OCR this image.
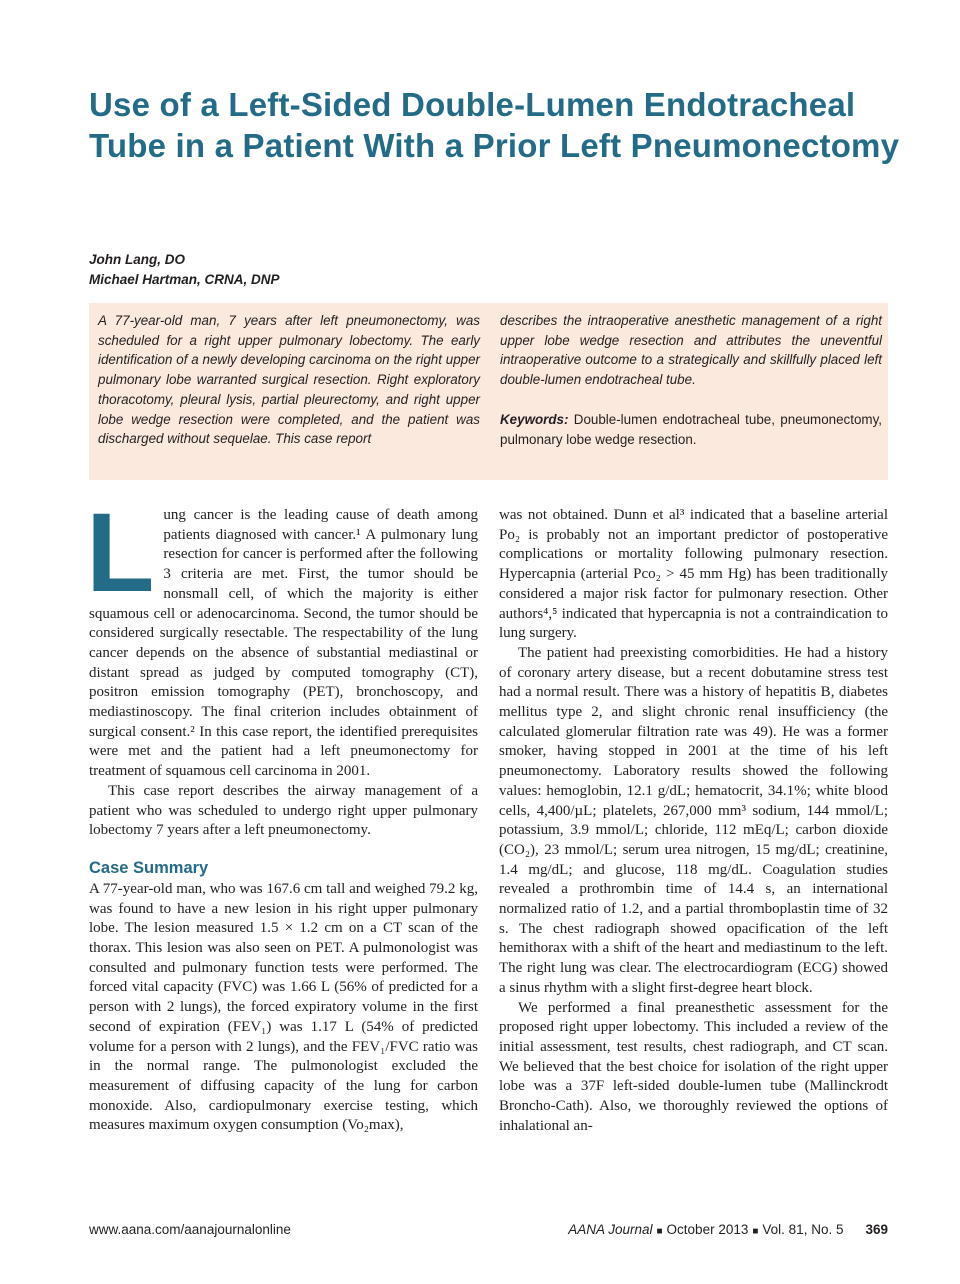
Use of a Left-Sided Double-Lumen Endotracheal Tube in a Patient With a Prior Left Pneumonectomy
John Lang, DO
Michael Hartman, CRNA, DNP
A 77-year-old man, 7 years after left pneumonectomy, was scheduled for a right upper pulmonary lobectomy. The early identification of a newly developing carcinoma on the right upper pulmonary lobe warranted surgical resection. Right exploratory thoracotomy, pleural lysis, partial pleurectomy, and right upper lobe wedge resection were completed, and the patient was discharged without sequelae. This case report
describes the intraoperative anesthetic management of a right upper lobe wedge resection and attributes the uneventful intraoperative outcome to a strategically and skillfully placed left double-lumen endotracheal tube.
Keywords: Double-lumen endotracheal tube, pneumonectomy, pulmonary lobe wedge resection.

Lung cancer is the leading cause of death among patients diagnosed with cancer.¹ A pulmonary lung resection for cancer is performed after the following 3 criteria are met. First, the tumor should be nonsmall cell, of which the majority is either squamous cell or adenocarcinoma. Second, the tumor should be considered surgically resectable. The respectability of the lung cancer depends on the absence of substantial mediastinal or distant spread as judged by computed tomography (CT), positron emission tomography (PET), bronchoscopy, and mediastinoscopy. The final criterion includes obtainment of surgical consent.² In this case report, the identified prerequisites were met and the patient had a left pneumonectomy for treatment of squamous cell carcinoma in 2001.

This case report describes the airway management of a patient who was scheduled to undergo right upper pulmonary lobectomy 7 years after a left pneumonectomy.

Case Summary

A 77-year-old man, who was 167.6 cm tall and weighed 79.2 kg, was found to have a new lesion in his right upper pulmonary lobe. The lesion measured 1.5 × 1.2 cm on a CT scan of the thorax. This lesion was also seen on PET. A pulmonologist was consulted and pulmonary function tests were performed. The forced vital capacity (FVC) was 1.66 L (56% of predicted for a person with 2 lungs), the forced expiratory volume in the first second of expiration (FEV₁) was 1.17 L (54% of predicted volume for a person with 2 lungs), and the FEV₁/FVC ratio was in the normal range. The pulmonologist excluded the measurement of diffusing capacity of the lung for carbon monoxide. Also, cardiopulmonary exercise testing, which measures maximum oxygen consumption (Vo₂max),

was not obtained. Dunn et al³ indicated that a baseline arterial Po₂ is probably not an important predictor of postoperative complications or mortality following pulmonary resection. Hypercapnia (arterial Pco₂ > 45 mm Hg) has been traditionally considered a major risk factor for pulmonary resection. Other authors⁴,⁵ indicated that hypercapnia is not a contraindication to lung surgery.

The patient had preexisting comorbidities. He had a history of coronary artery disease, but a recent dobutamine stress test had a normal result. There was a history of hepatitis B, diabetes mellitus type 2, and slight chronic renal insufficiency (the calculated glomerular filtration rate was 49). He was a former smoker, having stopped in 2001 at the time of his left pneumonectomy. Laboratory results showed the following values: hemoglobin, 12.1 g/dL; hematocrit, 34.1%; white blood cells, 4,400/µL; platelets, 267,000 mm³ sodium, 144 mmol/L; potassium, 3.9 mmol/L; chloride, 112 mEq/L; carbon dioxide (CO₂), 23 mmol/L; serum urea nitrogen, 15 mg/dL; creatinine, 1.4 mg/dL; and glucose, 118 mg/dL. Coagulation studies revealed a prothrombin time of 14.4 s, an international normalized ratio of 1.2, and a partial thromboplastin time of 32 s. The chest radiograph showed opacification of the left hemithorax with a shift of the heart and mediastinum to the left. The right lung was clear. The electrocardiogram (ECG) showed a sinus rhythm with a slight first-degree heart block.

We performed a final preanesthetic assessment for the proposed right upper lobectomy. This included a review of the initial assessment, test results, chest radiograph, and CT scan. We believed that the best choice for isolation of the right upper lobe was a 37F left-sided double-lumen tube (Mallinckrodt Broncho-Cath). Also, we thoroughly reviewed the options of inhalational an-

www.aana.com/aanajournalonline	AANA Journal ■ October 2013 ■ Vol. 81, No. 5 369
